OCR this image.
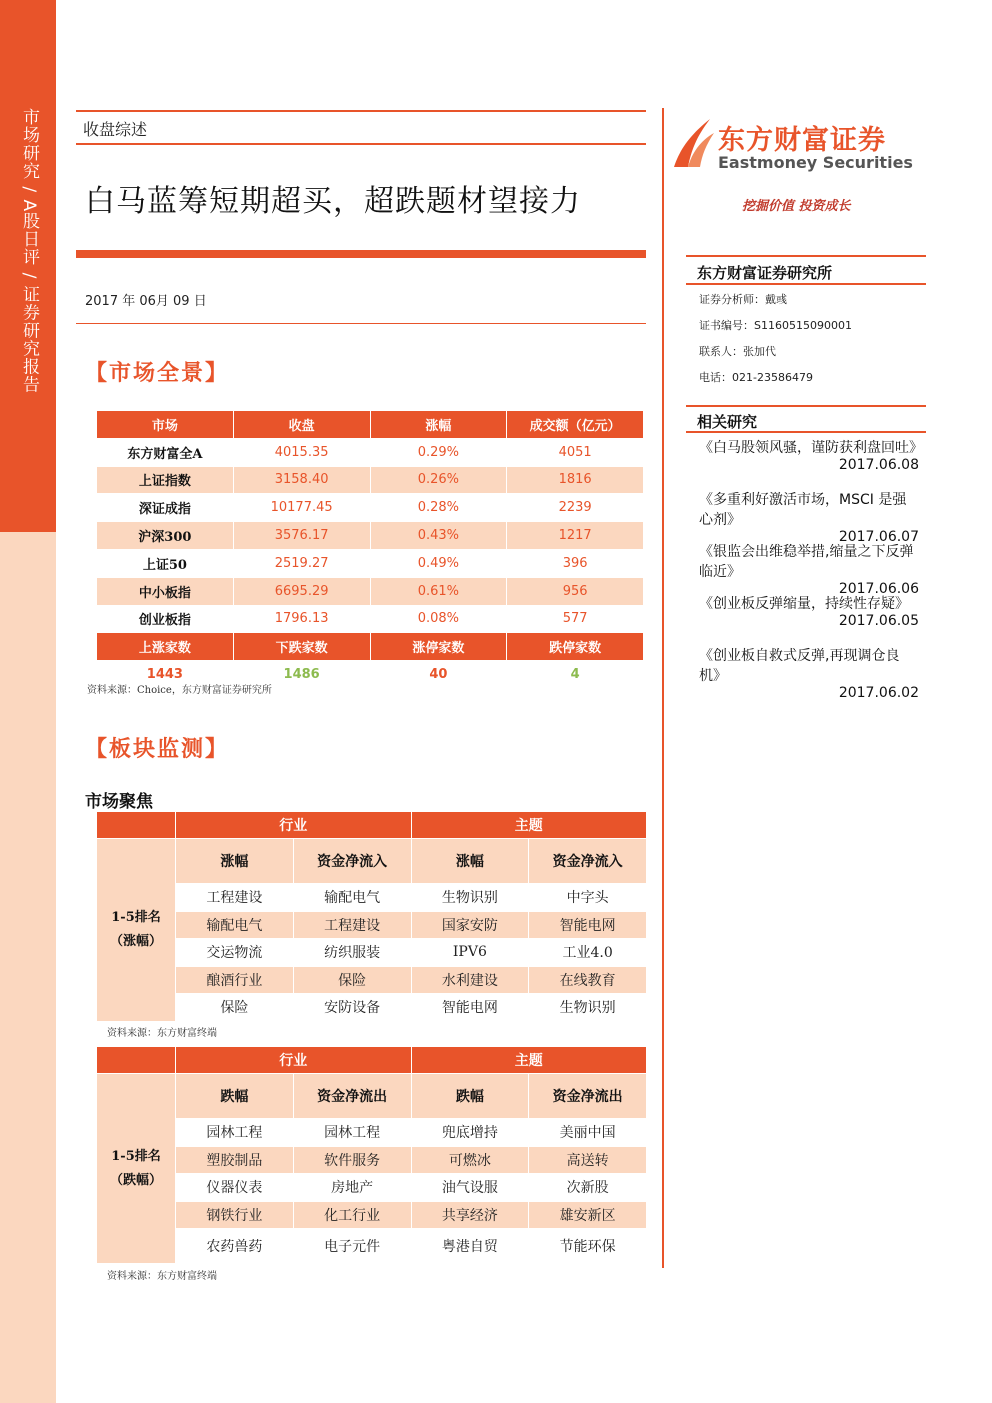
市场研究 / A股日评 / 证券研究报告	收盘综述
白马蓝筹短期超买，超跌题材望接力
2017 年 06月 09 日
【市场全景】
市场	收盘	涨幅	成交额（亿元）
东方财富全A	4015.35	0.29%	4051
上证指数	3158.40	0.26%	1816
深证成指	10177.45	0.28%	2239
沪深300	3576.17	0.43%	1217
上证50	2519.27	0.49%	396
中小板指	6695.29	0.61%	956
创业板指	1796.13	0.08%	577
上涨家数	下跌家数	涨停家数	跌停家数
1443	1486	40	4
资料来源：Choice，东方财富证券研究所
【板块监测】
市场聚焦
	行业		主题	
1-5排名
（涨幅）	涨幅	资金净流入	涨幅	资金净流入
	工程建设	输配电气	生物识别	中字头
	输配电气	工程建设	国家安防	智能电网
	交运物流	纺织服装	IPV6	工业4.0
	酿酒行业	保险	水利建设	在线教育
	保险	安防设备	智能电网	生物识别
资料来源：东方财富终端
	行业		主题	
1-5排名
（跌幅）	跌幅	资金净流出	跌幅	资金净流出
	园林工程	园林工程	兜底增持	美丽中国
	塑胶制品	软件服务	可燃冰	高送转
	仪器仪表	房地产	油气设服	次新股
	钢铁行业	化工行业	共享经济	雄安新区
	农药兽药	电子元件	粤港自贸	节能环保
资料来源：东方财富终端
东方财富证券
Eastmoney Securities
挖掘价值 投资成长
东方财富证券研究所
证券分析师：戴彧
证书编号：S1160515090001
联系人：张加代
电话：021-23586479
相关研究
《白马股领风骚，谨防获利盘回吐》
2017.06.08
《多重利好激活市场，MSCI 是强心剂》
2017.06.07
《银监会出维稳举措,缩量之下反弹临近》
2017.06.06
《创业板反弹缩量，持续性存疑》
2017.06.05
《创业板自救式反弹,再现调仓良机》
2017.06.02
